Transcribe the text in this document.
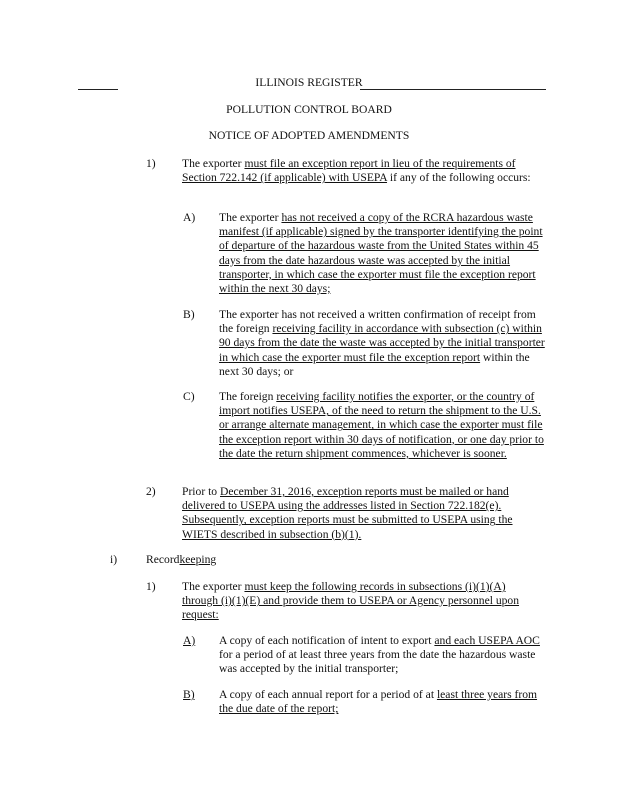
ILLINOIS REGISTER
POLLUTION CONTROL BOARD
NOTICE OF ADOPTED AMENDMENTS
1) The exporter must file an exception report in lieu of the requirements of Section 722.142 (if applicable) with USEPA if any of the following occurs:

A) The exporter has not received a copy of the RCRA hazardous waste manifest (if applicable) signed by the transporter identifying the point of departure of the hazardous waste from the United States within 45 days from the date hazardous waste was accepted by the initial transporter, in which case the exporter must file the exception report within the next 30 days;

B) The exporter has not received a written confirmation of receipt from the foreign receiving facility in accordance with subsection (c) within 90 days from the date the waste was accepted by the initial transporter in which case the exporter must file the exception report within the next 30 days; or

C) The foreign receiving facility notifies the exporter, or the country of import notifies USEPA, of the need to return the shipment to the U.S. or arrange alternate management, in which case the exporter must file the exception report within 30 days of notification, or one day prior to the date the return shipment commences, whichever is sooner.

2) Prior to December 31, 2016, exception reports must be mailed or hand delivered to USEPA using the addresses listed in Section 722.182(e). Subsequently, exception reports must be submitted to USEPA using the WIETS described in subsection (b)(1).

i) Recordkeeping

1) The exporter must keep the following records in subsections (i)(1)(A) through (i)(1)(E) and provide them to USEPA or Agency personnel upon request:

A) A copy of each notification of intent to export and each USEPA AOC for a period of at least three years from the date the hazardous waste was accepted by the initial transporter;

B) A copy of each annual report for a period of at least three years from the due date of the report;
